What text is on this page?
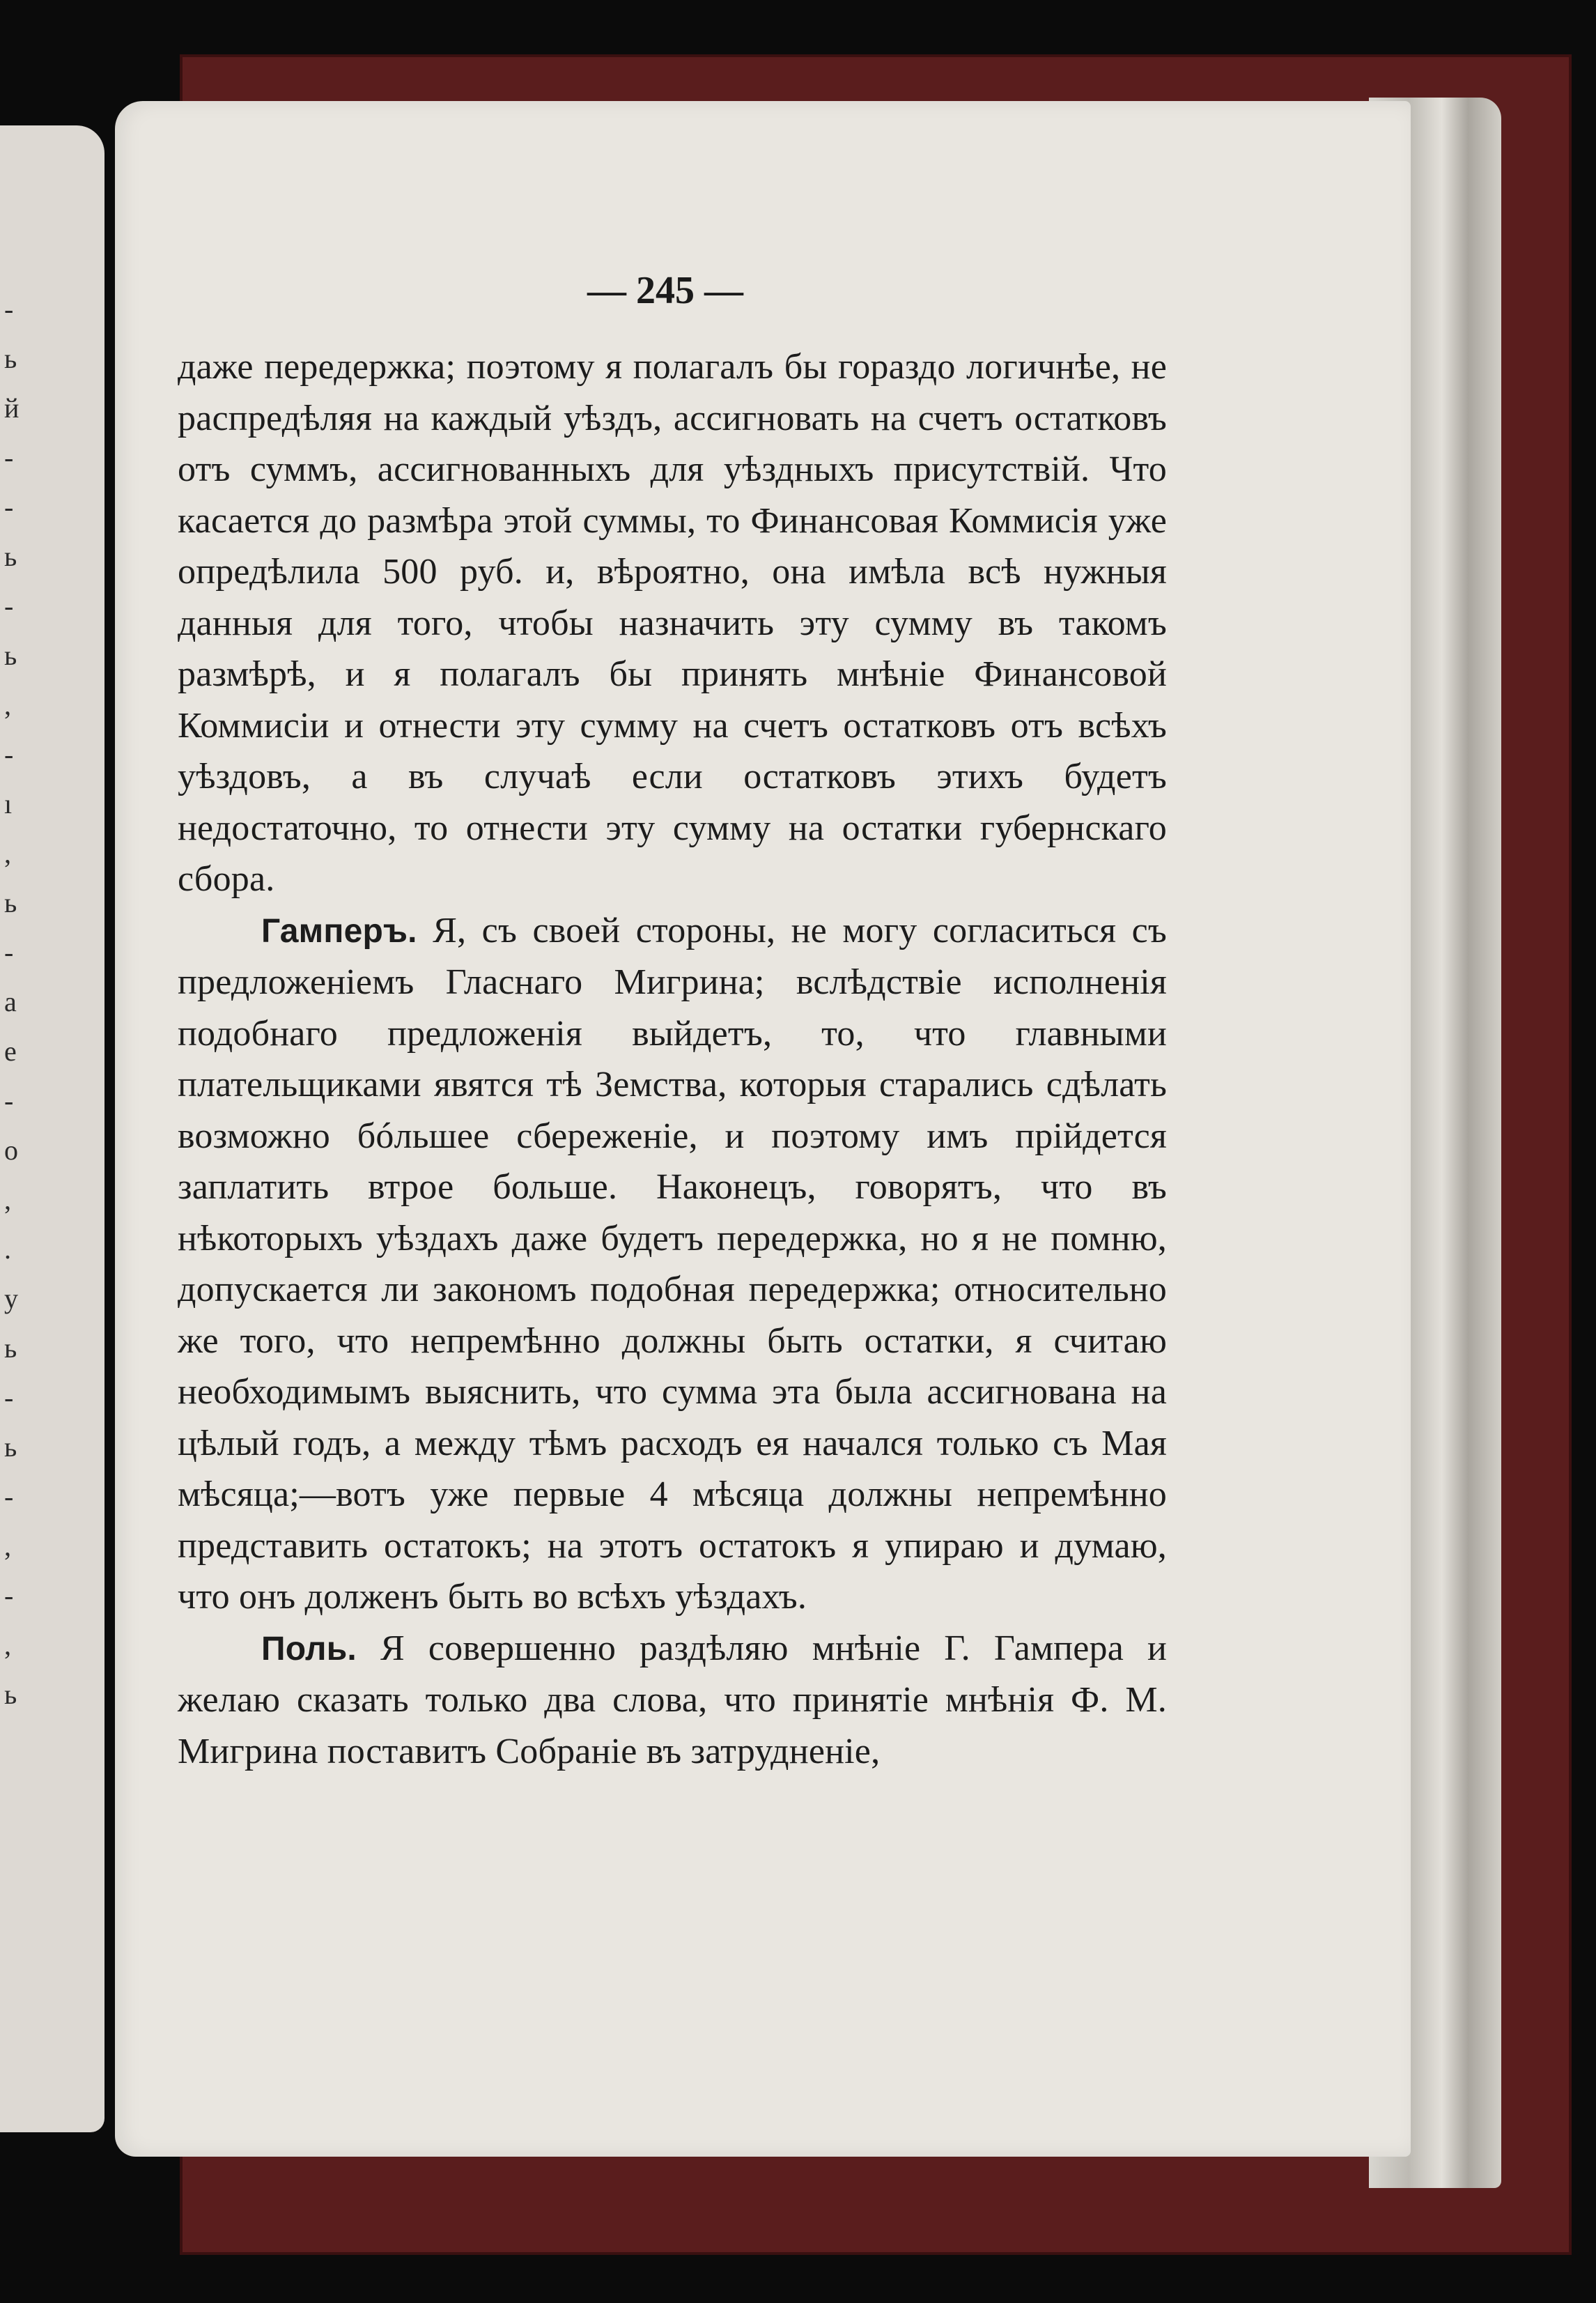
-
ь
й
-
-
ь
-
ь
,
-
ı
,
ь
-
a
e
-
o
,
.
y
ь
-
ь
-
,
-
,
ь
— 245 —

даже передержка; поэтому я полагалъ бы гораздо логичнѣе, не распредѣляя на каждый уѣздъ, ассигновать на счетъ остатковъ отъ суммъ, ассигнованныхъ для уѣздныхъ присутствій. Что касается до размѣра этой суммы, то Финансовая Коммисія уже опредѣлила 500 руб. и, вѣроятно, она имѣла всѣ нужныя данныя для того, чтобы назначить эту сумму въ такомъ размѣрѣ, и я полагалъ бы принять мнѣніе Финансовой Коммисіи и отнести эту сумму на счетъ остатковъ отъ всѣхъ уѣздовъ, а въ случаѣ если остатковъ этихъ будетъ недостаточно, то отнести эту сумму на остатки губернскаго сбора.

Гамперъ. Я, съ своей стороны, не могу согласиться съ предложеніемъ Гласнаго Мигрина; вслѣдствіе исполненія подобнаго предложенія выйдетъ, то, что главными плательщиками явятся тѣ Земства, которыя старались сдѣлать возможно бóльшее сбереженіе, и поэтому имъ прійдется заплатить втрое больше. Наконецъ, говорятъ, что въ нѣкоторыхъ уѣздахъ даже будетъ передержка, но я не помню, допускается ли закономъ подобная передержка; относительно же того, что непремѣнно должны быть остатки, я считаю необходимымъ выяснить, что сумма эта была ассигнована на цѣлый годъ, а между тѣмъ расходъ ея начался только съ Мая мѣсяца;—вотъ уже первые 4 мѣсяца должны непремѣнно представить остатокъ; на этотъ остатокъ я упираю и думаю, что онъ долженъ быть во всѣхъ уѣздахъ.

Поль. Я совершенно раздѣляю мнѣніе Г. Гампера и желаю сказать только два слова, что принятіе мнѣнія Ф. М. Мигрина поставитъ Собраніе въ затрудненіе,
